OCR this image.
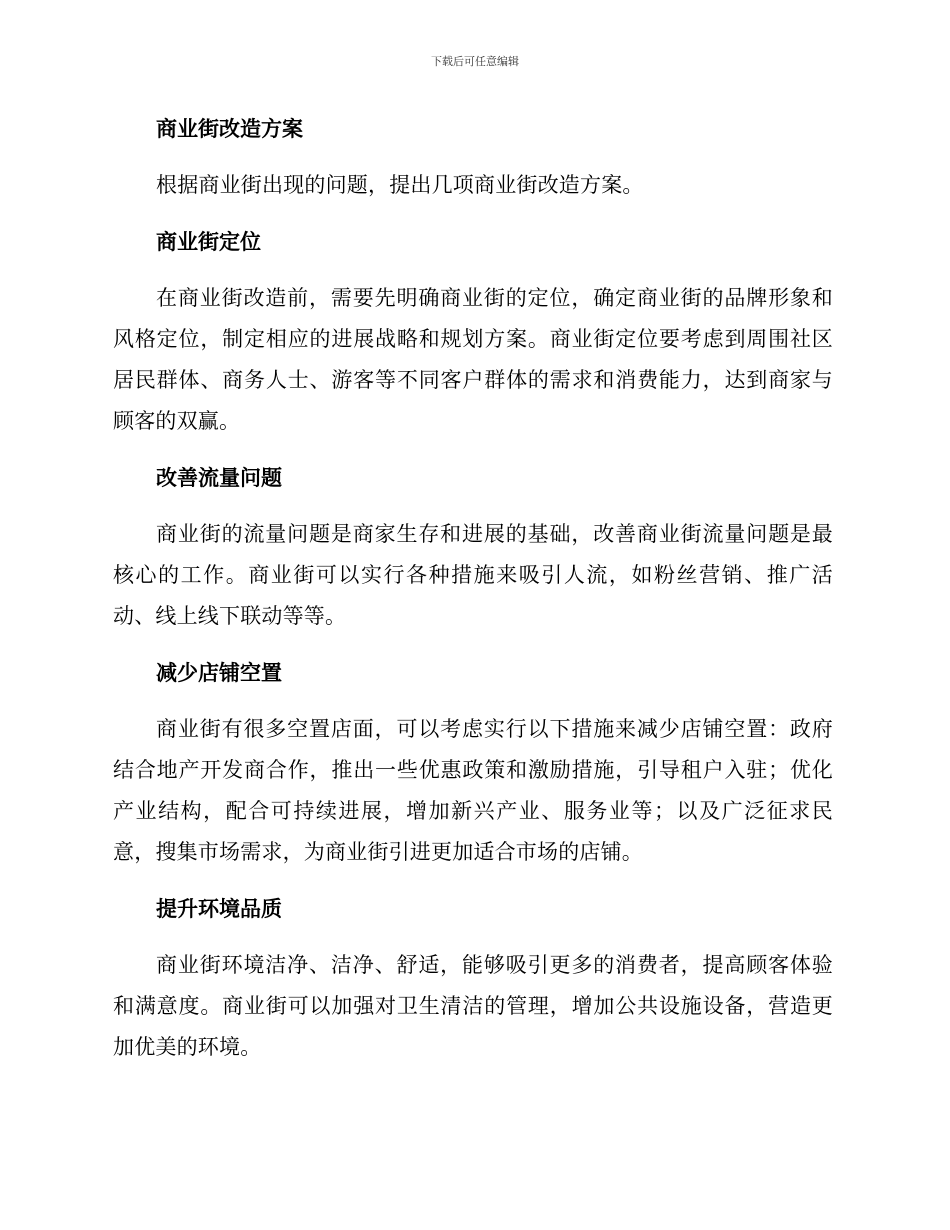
下载后可任意编辑
商业街改造方案

根据商业街出现的问题，提出几项商业街改造方案。

商业街定位

在商业街改造前，需要先明确商业街的定位，确定商业街的品牌形象和风格定位，制定相应的进展战略和规划方案。商业街定位要考虑到周围社区居民群体、商务人士、游客等不同客户群体的需求和消费能力，达到商家与顾客的双赢。

改善流量问题

商业街的流量问题是商家生存和进展的基础，改善商业街流量问题是最核心的工作。商业街可以实行各种措施来吸引人流，如粉丝营销、推广活动、线上线下联动等等。

减少店铺空置

商业街有很多空置店面，可以考虑实行以下措施来减少店铺空置：政府结合地产开发商合作，推出一些优惠政策和激励措施，引导租户入驻；优化产业结构，配合可持续进展，增加新兴产业、服务业等；以及广泛征求民意，搜集市场需求，为商业街引进更加适合市场的店铺。

提升环境品质

商业街环境洁净、洁净、舒适，能够吸引更多的消费者，提高顾客体验和满意度。商业街可以加强对卫生清洁的管理，增加公共设施设备，营造更加优美的环境。
